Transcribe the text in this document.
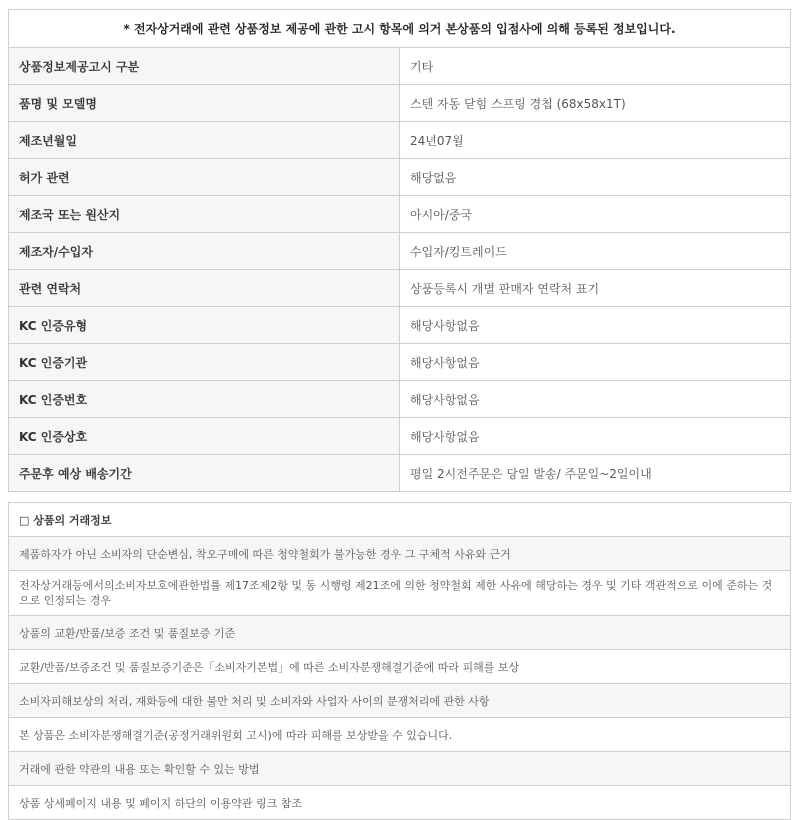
* 전자상거래에 관련 상품정보 제공에 관한 고시 항목에 의거 본상품의 입점사에 의해 등록된 정보입니다.	
상품정보제공고시 구분	기타
품명 및 모델명	스텐 자동 닫힘 스프링 경첩 (68x58x1T)
제조년월일	24년07월
허가 관련	해당없음
제조국 또는 원산지	아시아/중국
제조자/수입자	수입자/킹트레이드
관련 연락처	상품등록시 개별 판매자 연락처 표기
KC 인증유형	해당사항없음
KC 인증기관	해당사항없음
KC 인증번호	해당사항없음
KC 인증상호	해당사항없음
주문후 예상 배송기간	평일 2시전주문은 당일 발송/ 주문일~2일이내
□ 상품의 거래정보
제품하자가 아닌 소비자의 단순변심, 착오구매에 따른 청약철회가 불가능한 경우 그 구체적 사유와 근거
전자상거래등에서의소비자보호에관한법률 제17조제2항 및 동 시행령 제21조에 의한 청약철회 제한 사유에 해당하는 경우 및 기타 객관적으로 이에 준하는 것으로 인정되는 경우
상품의 교환/반품/보증 조건 및 품질보증 기준
교환/반품/보증조건 및 품질보증기준은「소비자기본법」에 따른 소비자분쟁해결기준에 따라 피해를 보상
소비자피해보상의 처리, 재화등에 대한 불만 처리 및 소비자와 사업자 사이의 분쟁처리에 관한 사항
본 상품은 소비자분쟁해결기준(공정거래위원회 고시)에 따라 피해를 보상받을 수 있습니다.
거래에 관한 약관의 내용 또는 확인할 수 있는 방법
상품 상세페이지 내용 및 페이지 하단의 이용약관 링크 참조
